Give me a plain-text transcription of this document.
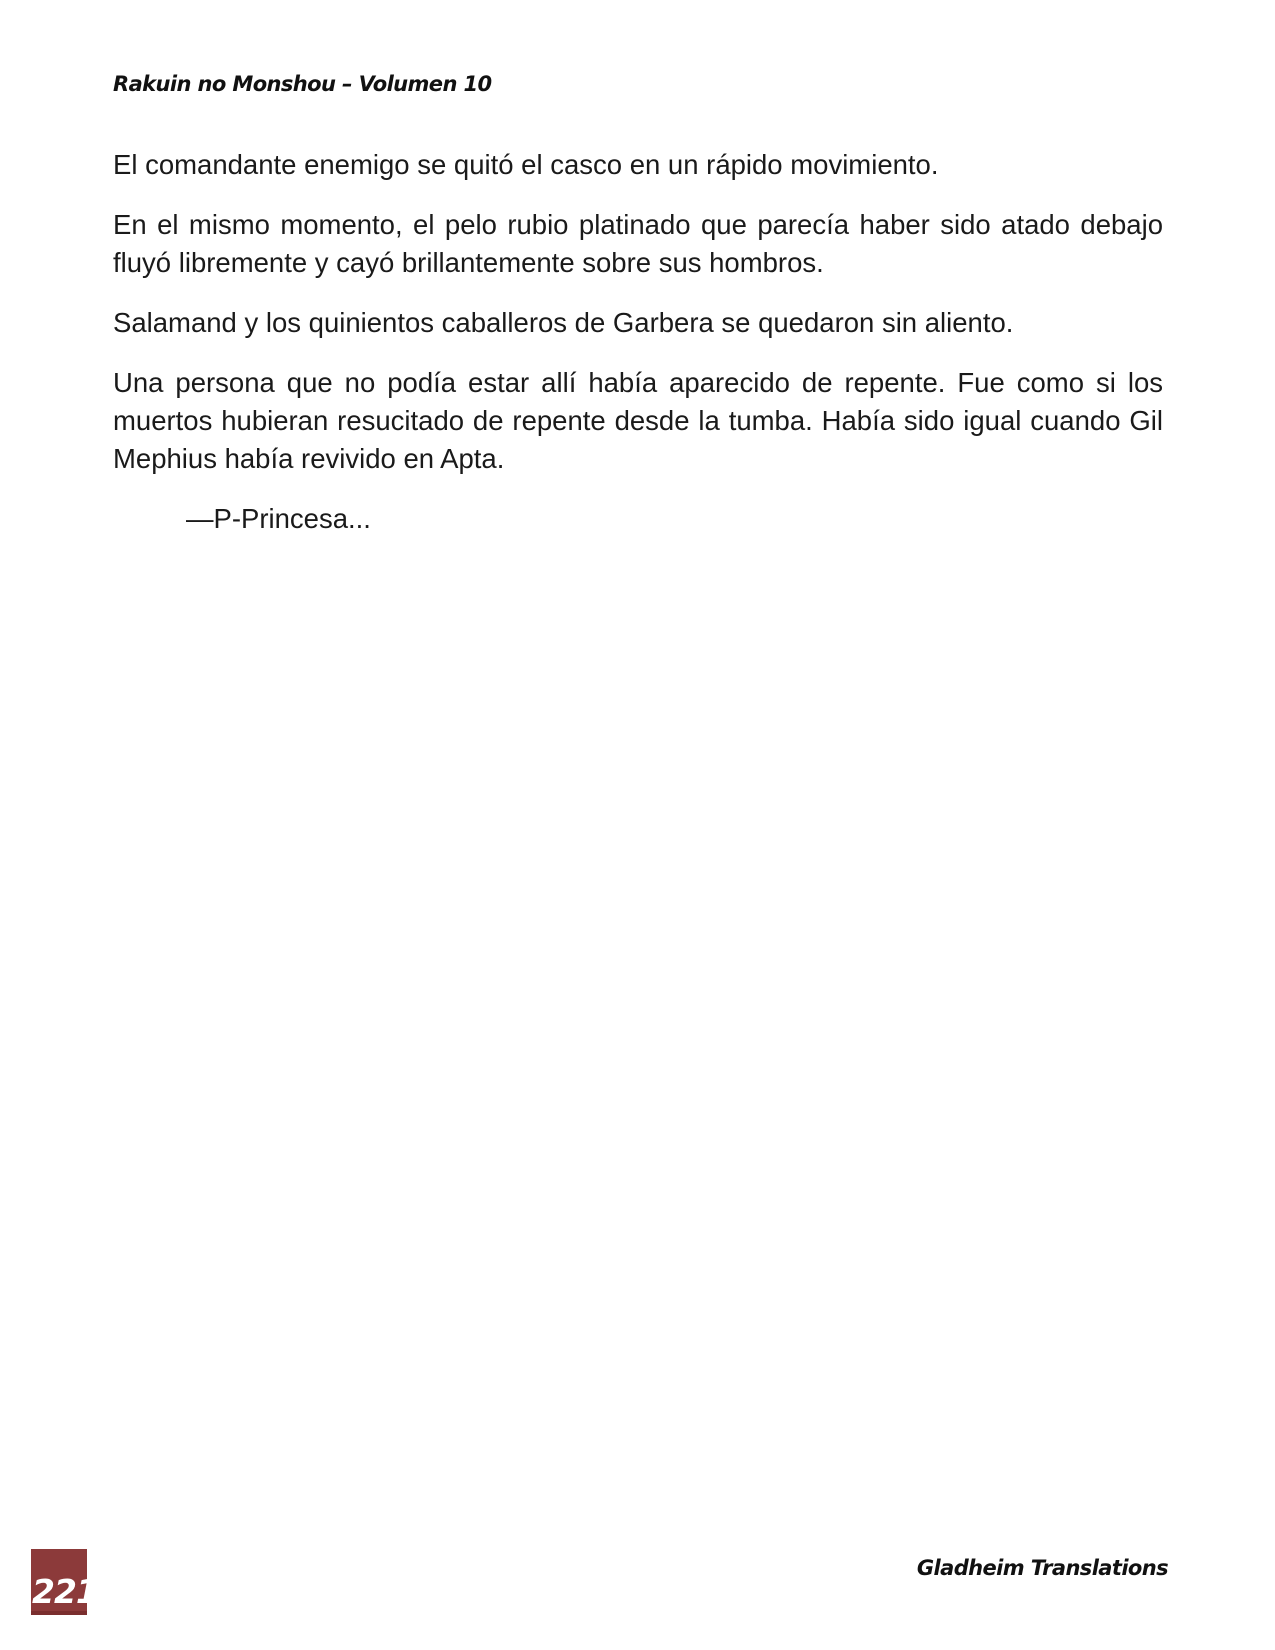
Rakuin no Monshou – Volumen 10

El comandante enemigo se quitó el casco en un rápido movimiento.

En el mismo momento, el pelo rubio platinado que parecía haber sido atado debajo fluyó libremente y cayó brillantemente sobre sus hombros.

Salamand y los quinientos caballeros de Garbera se quedaron sin aliento.

Una persona que no podía estar allí había aparecido de repente. Fue como si los muertos hubieran resucitado de repente desde la tumba. Había sido igual cuando Gil Mephius había revivido en Apta.

—P-Princesa...

221
Gladheim Translations
